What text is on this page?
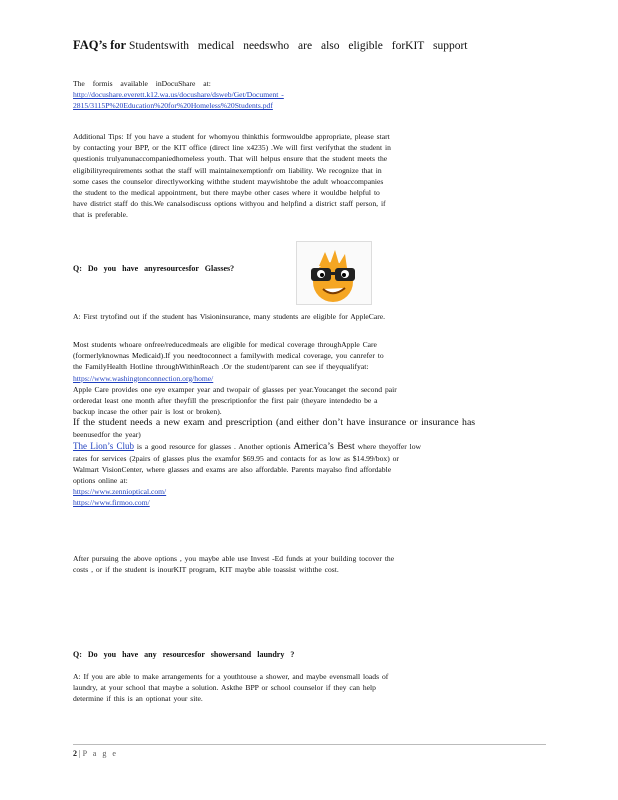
FAQ’s for Studentswith medical needswho are also eligible forKIT support
The formis available inDocuShare at:
http://docushare.everett.k12.wa.us/docushare/dsweb/Get/Document -
2815/3115P%20Education%20for%20Homeless%20Students.pdf
Additional Tips: If you have a student for whomyou thinkthis formwouldbe appropriate, please start
by contacting your BPP, or the KIT office (direct line x4235) .We will first verifythat the student in
questionis trulyanunaccompaniedhomeless youth. That will helpus ensure that the student meets the
eligibilityrequirements sothat the staff will maintainexemptionfr om liability. We recognize that in
some cases the counselor directlyworking withthe student maywishtobe the adult whoaccompanies
the student to the medical appointment, but there maybe other cases where it wouldbe helpful to
have district staff do this.We canalsodiscuss options withyou and helpfind a district staff person, if
that is preferable.
Q: Do you have anyresourcesfor Glasses?
A: First trytofind out if the student has Visioninsurance, many students are eligible for AppleCare.
Most students whoare onfree/reducedmeals are eligible for medical coverage throughApple Care
(formerlyknownas Medicaid).If you needtoconnect a familywith medical coverage, you canrefer to
the FamilyHealth Hotline throughWithinReach .Or the student/parent can see if theyqualifyat:
https://www.washingtonconnection.org/home/
Apple Care provides one eye examper year and twopair of glasses per year.Youcanget the second pair
orderedat least one month after theyfill the prescriptionfor the first pair (theyare intendedto be a
backup incase the other pair is lost or broken).
If the student needs a new exam and prescription (and either don’t have insurance or insurance has
beenusedfor the year)
The Lion’s Club is a good resource for glasses . Another optionis America’s Best where theyoffer low
rates for services (2pairs of glasses plus the examfor $69.95 and contacts for as low as $14.99/box) or
Walmart VisionCenter, where glasses and exams are also affordable. Parents mayalso find affordable
options online at:
https://www.zennioptical.com/
https://www.firmoo.com/
After pursuing the above options , you maybe able use Invest -Ed funds at your building tocover the
costs , or if the student is inourKIT program, KIT maybe able toassist withthe cost.
Q: Do you have any resourcesfor showersand laundry ?
A: If you are able to make arrangements for a youthtouse a shower, and maybe evensmall loads of
laundry, at your school that maybe a solution. Askthe BPP or school counselor if they can help
determine if this is an optionat your site.
2 | P a g e
